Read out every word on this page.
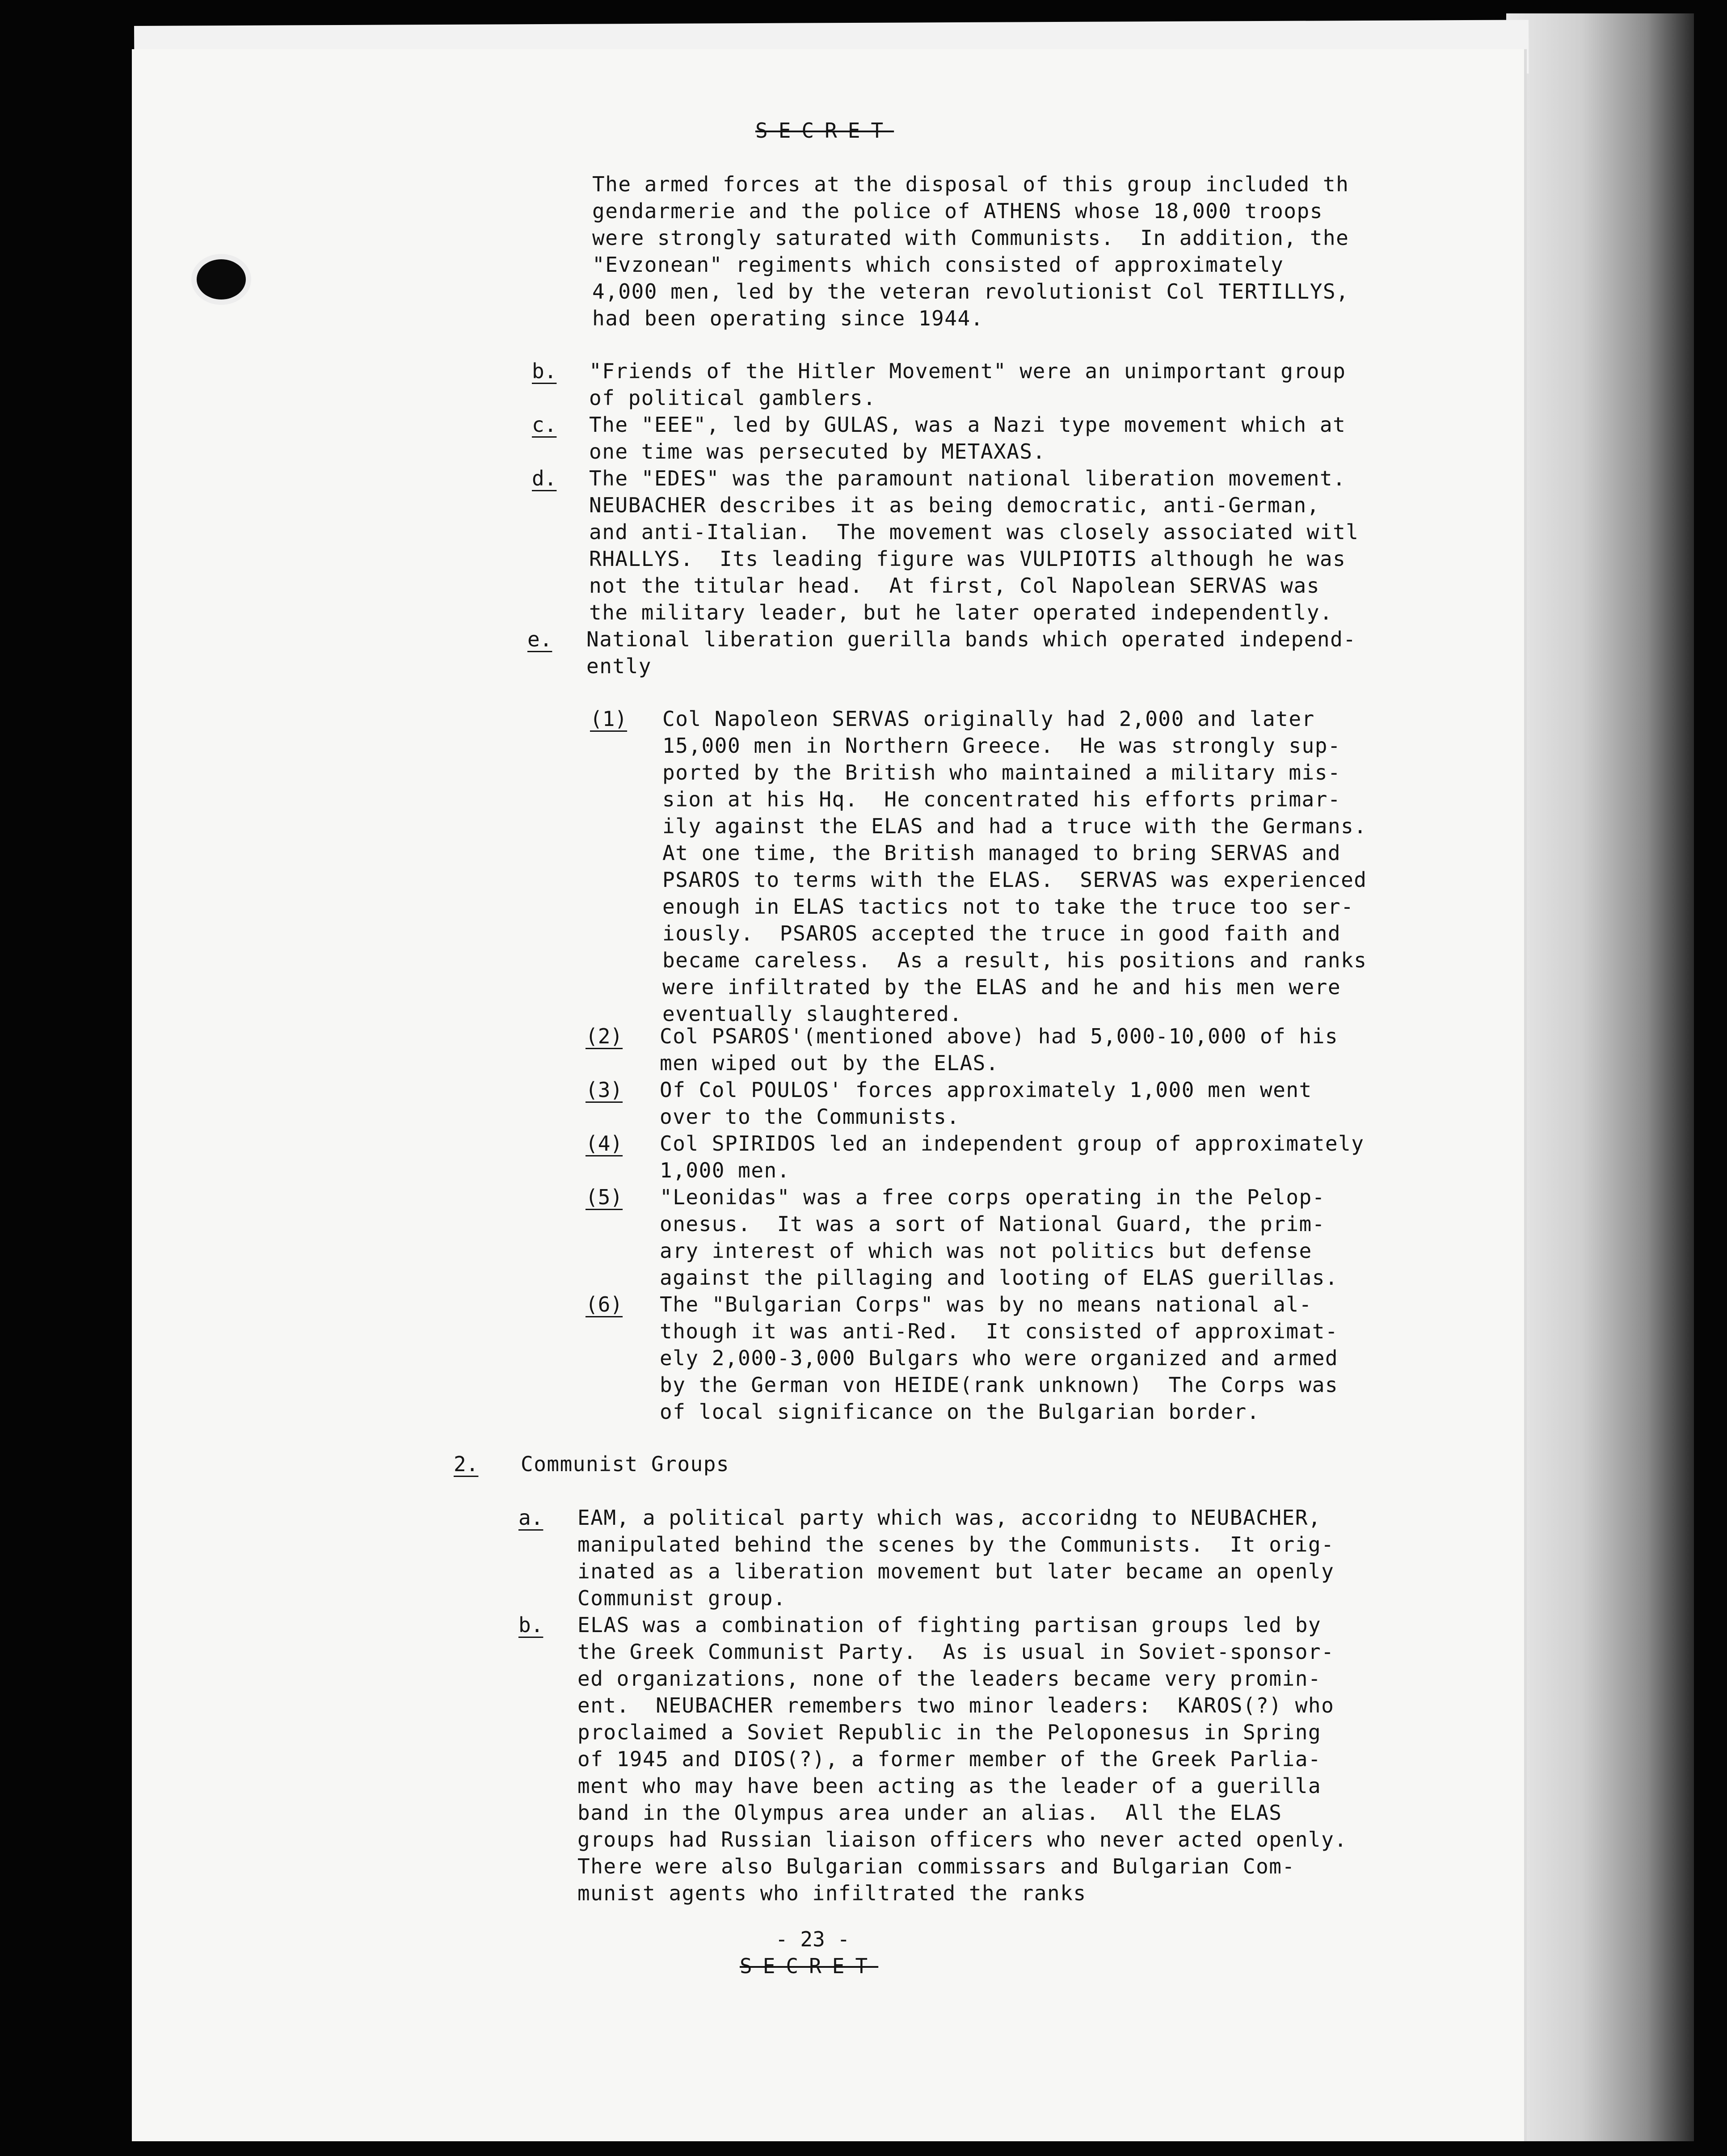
SECRET

The armed forces at the disposal of this group included th

gendarmerie and the police of ATHENS whose 18,000 troops

were strongly saturated with Communists.  In addition, the

"Evzonean" regiments which consisted of approximately

4,000 men, led by the veteran revolutionist Col TERTILLYS,

had been operating since 1944.

b. "Friends of the Hitler Movement" were an unimportant group

of political gamblers.

c. The "EEE", led by GULAS, was a Nazi type movement which at

one time was persecuted by METAXAS.

d. The "EDES" was the paramount national liberation movement.

NEUBACHER describes it as being democratic, anti-German,

and anti-Italian.  The movement was closely associated witl

RHALLYS.  Its leading figure was VULPIOTIS although he was

not the titular head.  At first, Col Napolean SERVAS was

the military leader, but he later operated independently.

e. National liberation guerilla bands which operated independ-

ently

(1) Col Napoleon SERVAS originally had 2,000 and later

15,000 men in Northern Greece.  He was strongly sup-

ported by the British who maintained a military mis-

sion at his Hq.  He concentrated his efforts primar-

ily against the ELAS and had a truce with the Germans.

At one time, the British managed to bring SERVAS and

PSAROS to terms with the ELAS.  SERVAS was experienced

enough in ELAS tactics not to take the truce too ser-

iously.  PSAROS accepted the truce in good faith and

became careless.  As a result, his positions and ranks

were infiltrated by the ELAS and he and his men were

eventually slaughtered.

(2) Col PSAROS'(mentioned above) had 5,000-10,000 of his

men wiped out by the ELAS.

(3) Of Col POULOS' forces approximately 1,000 men went

over to the Communists.

(4) Col SPIRIDOS led an independent group of approximately

1,000 men.

(5) "Leonidas" was a free corps operating in the Pelop-

onesus.  It was a sort of National Guard, the prim-

ary interest of which was not politics but defense

against the pillaging and looting of ELAS guerillas.

(6) The "Bulgarian Corps" was by no means national al-

though it was anti-Red.  It consisted of approximat-

ely 2,000-3,000 Bulgars who were organized and armed

by the German von HEIDE(rank unknown)  The Corps was

of local significance on the Bulgarian border.

2. Communist Groups

a. EAM, a political party which was, accoridng to NEUBACHER,

manipulated behind the scenes by the Communists.  It orig-

inated as a liberation movement but later became an openly

Communist group.

b. ELAS was a combination of fighting partisan groups led by

the Greek Communist Party.  As is usual in Soviet-sponsor-

ed organizations, none of the leaders became very promin-

ent.  NEUBACHER remembers two minor leaders:  KAROS(?) who

proclaimed a Soviet Republic in the Peloponesus in Spring

of 1945 and DIOS(?), a former member of the Greek Parlia-

ment who may have been acting as the leader of a guerilla

band in the Olympus area under an alias.  All the ELAS

groups had Russian liaison officers who never acted openly.

There were also Bulgarian commissars and Bulgarian Com-

munist agents who infiltrated the ranks

- 23 -

SECRET
